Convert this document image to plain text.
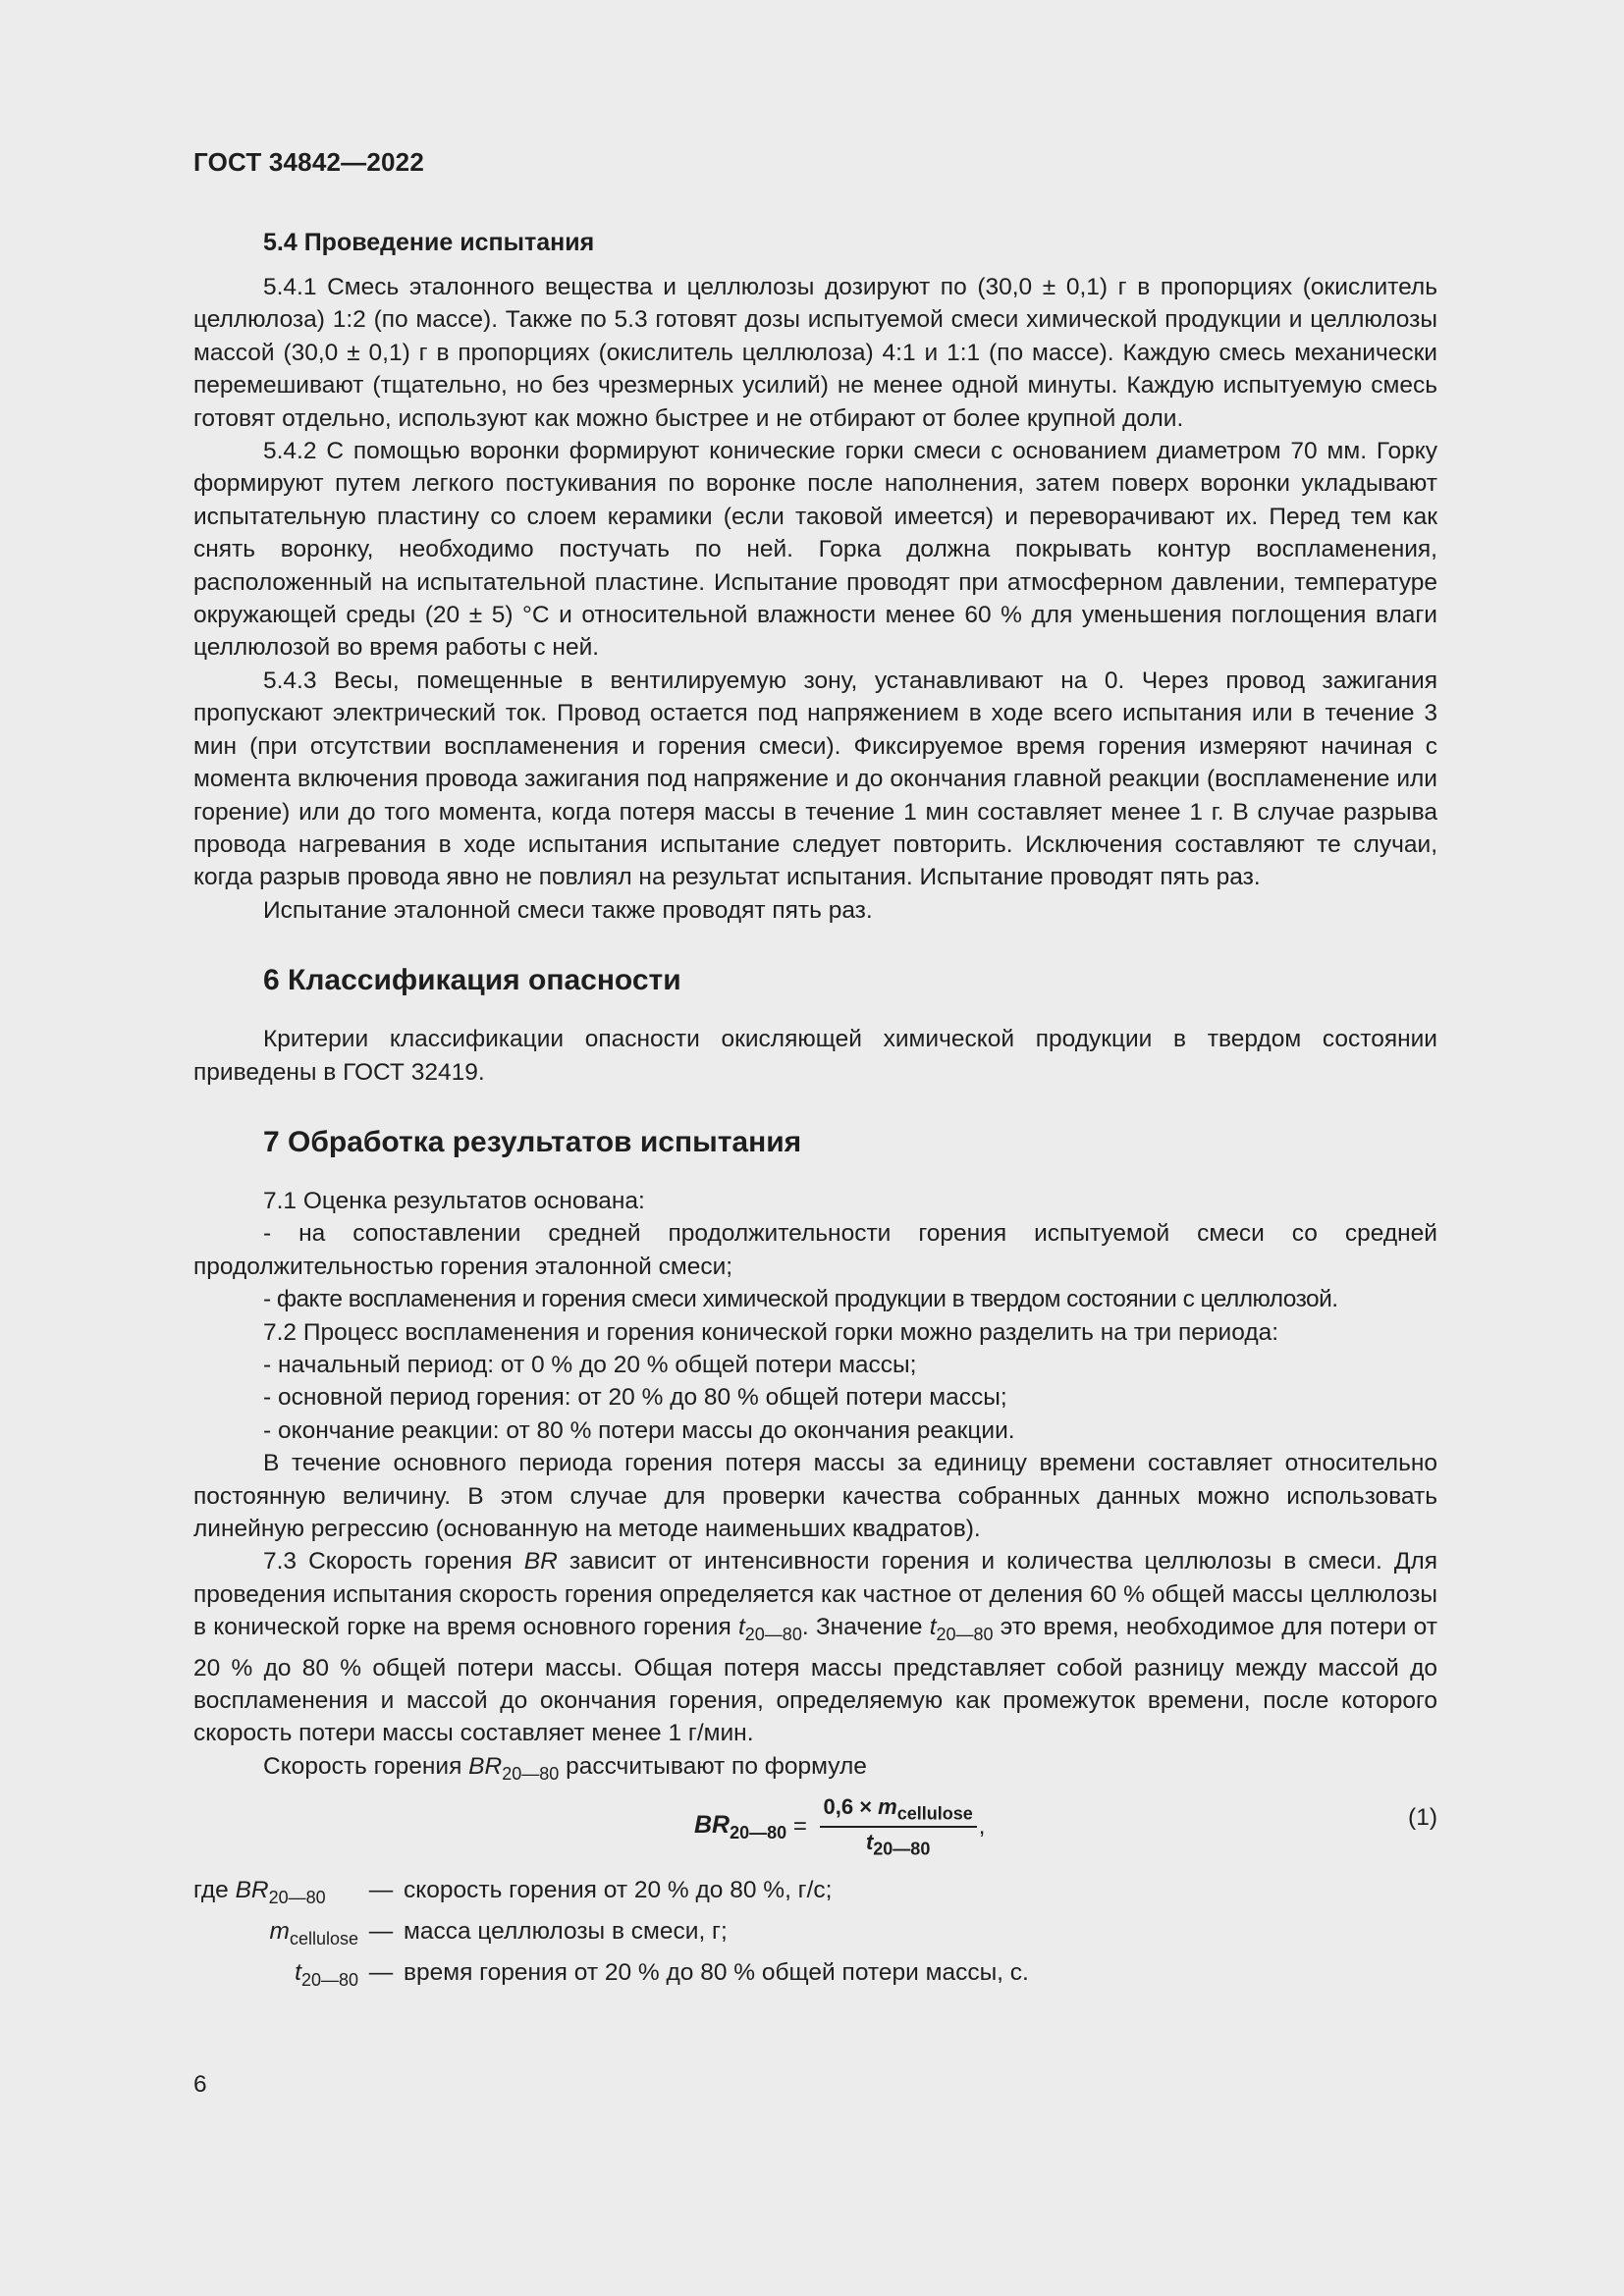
ГОСТ 34842—2022
5.4 Проведение испытания

5.4.1 Смесь эталонного вещества и целлюлозы дозируют по (30,0 ± 0,1) г в пропорциях (окислитель целлюлоза) 1:2 (по массе). Также по 5.3 готовят дозы испытуемой смеси химической продукции и целлюлозы массой (30,0 ± 0,1) г в пропорциях (окислитель целлюлоза) 4:1 и 1:1 (по массе). Каждую смесь механически перемешивают (тщательно, но без чрезмерных усилий) не менее одной минуты. Каждую испытуемую смесь готовят отдельно, используют как можно быстрее и не отбирают от более крупной доли.

5.4.2 С помощью воронки формируют конические горки смеси с основанием диаметром 70 мм. Горку формируют путем легкого постукивания по воронке после наполнения, затем поверх воронки укладывают испытательную пластину со слоем керамики (если таковой имеется) и переворачивают их. Перед тем как снять воронку, необходимо постучать по ней. Горка должна покрывать контур воспламенения, расположенный на испытательной пластине. Испытание проводят при атмосферном давлении, температуре окружающей среды (20 ± 5) °С и относительной влажности менее 60 % для уменьшения поглощения влаги целлюлозой во время работы с ней.

5.4.3 Весы, помещенные в вентилируемую зону, устанавливают на 0. Через провод зажигания пропускают электрический ток. Провод остается под напряжением в ходе всего испытания или в течение 3 мин (при отсутствии воспламенения и горения смеси). Фиксируемое время горения измеряют начиная с момента включения провода зажигания под напряжение и до окончания главной реакции (воспламенение или горение) или до того момента, когда потеря массы в течение 1 мин составляет менее 1 г. В случае разрыва провода нагревания в ходе испытания испытание следует повторить. Исключения составляют те случаи, когда разрыв провода явно не повлиял на результат испытания. Испытание проводят пять раз.

Испытание эталонной смеси также проводят пять раз.

6 Классификация опасности

Критерии классификации опасности окисляющей химической продукции в твердом состоянии приведены в ГОСТ 32419.

7 Обработка результатов испытания

7.1 Оценка результатов основана:

- на сопоставлении средней продолжительности горения испытуемой смеси со средней продолжительностью горения эталонной смеси;

- факте воспламенения и горения смеси химической продукции в твердом состоянии с целлюлозой.

7.2 Процесс воспламенения и горения конической горки можно разделить на три периода:

- начальный период: от 0 % до 20 % общей потери массы;

- основной период горения: от 20 % до 80 % общей потери массы;

- окончание реакции: от 80 % потери массы до окончания реакции.

В течение основного периода горения потеря массы за единицу времени составляет относительно постоянную величину. В этом случае для проверки качества собранных данных можно использовать линейную регрессию (основанную на методе наименьших квадратов).

7.3 Скорость горения BR зависит от интенсивности горения и количества целлюлозы в смеси. Для проведения испытания скорость горения определяется как частное от деления 60 % общей массы целлюлозы в конической горке на время основного горения $t_{20—80}$. Значение $t_{20—80}$ это время, необходимое для потери от 20 % до 80 % общей потери массы. Общая потеря массы представляет собой разницу между массой до воспламенения и массой до окончания горения, определяемую как промежуток времени, после которого скорость потери массы составляет менее 1 г/мин.

Скорость горения $BR_{20—80}$ рассчитывают по формуле

$BR_{20—80} = \frac{0,6 \times m_{cellulose}}{t_{20—80}}$ ,	(1)
где $BR_{20—80}$	— скорость горения от 20 % до 80 %, г/с;
$m_{cellulose}$ — масса целлюлозы в смеси, г;
$t_{20—80}$ — время горения от 20 % до 80 % общей потери массы, с.
6
